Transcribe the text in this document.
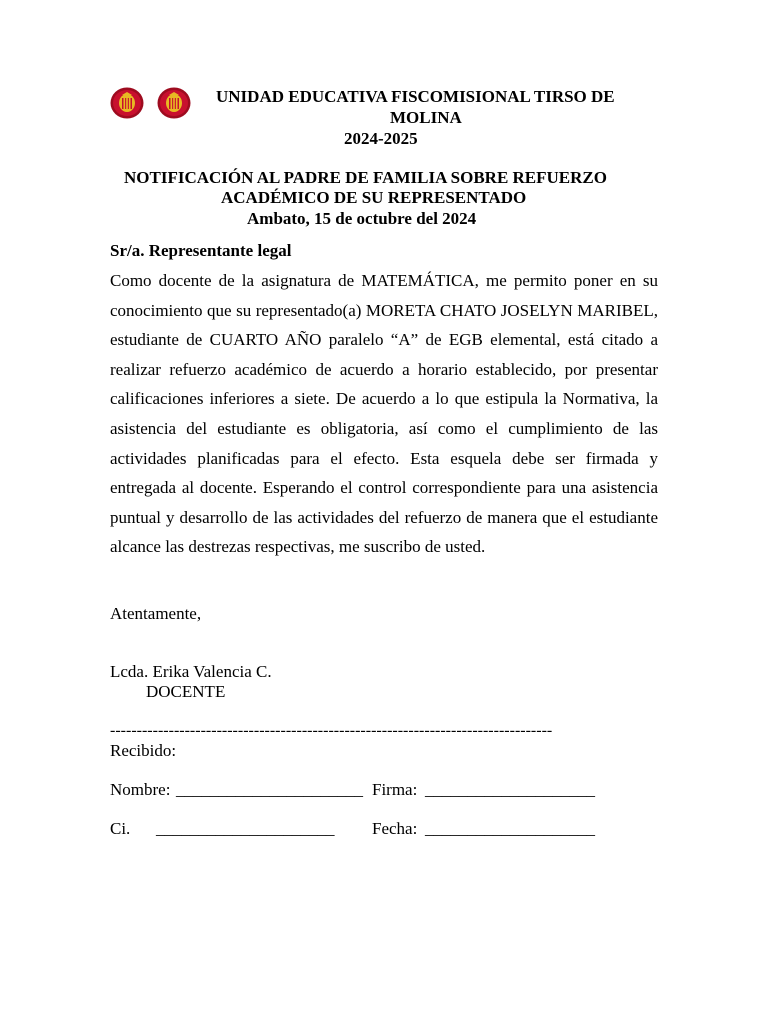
UNIDAD EDUCATIVA FISCOMISIONAL TIRSO DE
MOLINA
2024-2025
NOTIFICACIÓN AL PADRE DE FAMILIA SOBRE REFUERZO
ACADÉMICO DE SU REPRESENTADO
Ambato, 15 de octubre del 2024
Sr/a. Representante legal
Como docente de la asignatura de MATEMÁTICA, me permito poner en su conocimiento que su representado(a) MORETA CHATO JOSELYN MARIBEL, estudiante de CUARTO AÑO paralelo “A” de EGB elemental, está citado a realizar refuerzo académico de acuerdo a horario establecido, por presentar calificaciones inferiores a siete. De acuerdo a lo que estipula la Normativa, la asistencia del estudiante es obligatoria, así como el cumplimiento de las actividades planificadas para el efecto. Esta esquela debe ser firmada y entregada al docente. Esperando el control correspondiente para una asistencia puntual y desarrollo de las actividades del refuerzo de manera que el estudiante alcance las destrezas respectivas, me suscribo de usted.
Atentamente,
Lcda. Erika Valencia C.
DOCENTE
-----------------------------------------------------------------------------------
Recibido:
Nombre: ______________________ Firma: ____________________
Ci. _____________________ Fecha: ____________________
